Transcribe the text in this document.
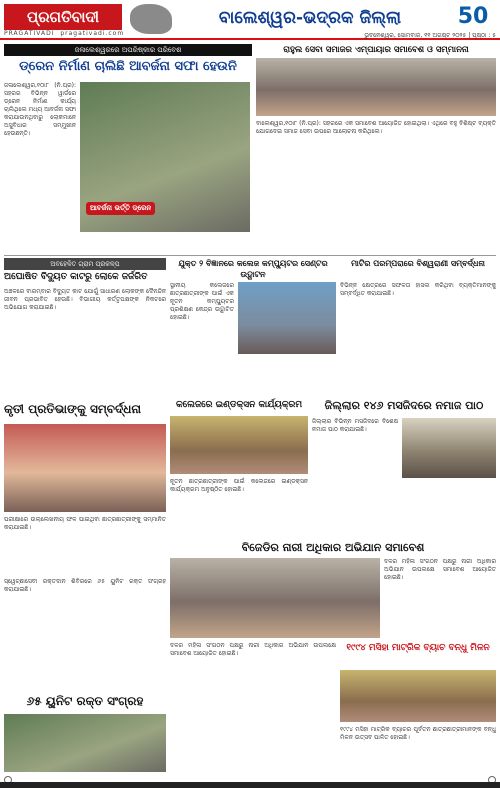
ପ୍ରଗତିବାଦୀ
PRAGATIVADI pragativadi.com
ବାଲେଶ୍ୱର-ଭଦ୍ରକ ଜିଲ୍ଲା	50
ଭୁବନେଶ୍ୱର, ସୋମବାର, ୧୧ ଅଗଷ୍ଟ ୨୦୨୫ | ପୃଷ୍ଠା : ୫
ଜଳାଲେଶ୍ୱରରେ ଅପରିଷ୍କାର ପରିବେଶ
ଡ୍ରେନ ନିର୍ମାଣ ଚାଲିଛି ଆବର୍ଜନା ସଫା ହେଉନି
ଜଳାଲେଶ୍ୱର,୧୦ା୮ (ନି.ପ୍ର): ସହରର ବିଭିନ୍ନ ୱାର୍ଡରେ ଡ୍ରେନ ନିର୍ମାଣ କାର୍ଯ୍ୟ ଚାଲିଥିଲେ ମଧ୍ୟ ଆବର୍ଜନା ସଫା କରାଯାଉନଥିବାରୁ ଲୋକମାନେ ଅସୁବିଧାର ସମ୍ମୁଖୀନ ହେଉଛନ୍ତି।
ଆବର୍ଜନା ଭର୍ତ୍ତି ଡ୍ରେନ
ରାହୁଲ ସେବା ସମାଜର ଏମ୍ପାୟାର ସମାବେଶ ଓ ସମ୍ମାନନା
ବାଲେଶ୍ୱର,୧୦ା୮ (ନି.ପ୍ର): ସହରରେ ଏକ ସମାବେଶ ଆୟୋଜିତ ହୋଇଥିଲା। ଏଥିରେ ବହୁ ବିଶିଷ୍ଟ ବ୍ୟକ୍ତି ଯୋଗଦେଇ ସମାଜ ସେବା ଉପରେ ଆଲୋଚନା କରିଥିଲେ।
ଅବହେଳିତ ଗ୍ରାମ ପ୍ରକଳ୍ପ
ଅଘୋଷିତ ବିଦ୍ୟୁତ କାଟରୁ ଲୋକେ ଜର୍ଜରିତ
ଅଞ୍ଚଳରେ ବାରମ୍ବାର ବିଦ୍ୟୁତ କାଟ ଯୋଗୁଁ ସାଧାରଣ ଲୋକଙ୍କ ଦୈନନ୍ଦିନ ଜୀବନ ପ୍ରଭାବିତ ହେଉଛି। ବିଭାଗୀୟ କର୍ତ୍ତୃପକ୍ଷଙ୍କ ନିକଟରେ ଅଭିଯୋଗ କରାଯାଇଛି।
ଯୁକ୍ତ ୨ ବିଜ୍ଞାନରେ କଲେଜ କମ୍ପ୍ୟୁଟର ସେଣ୍ଟର ଉଦ୍ଘାଟନ
ସ୍ଥାନୀୟ କଲେଜରେ ଛାତ୍ରଛାତ୍ରୀଙ୍କ ପାଇଁ ଏକ ନୂତନ କମ୍ପ୍ୟୁଟର ପ୍ରଶିକ୍ଷଣ କେନ୍ଦ୍ର ଉଦ୍ଘାଟିତ ହୋଇଛି।
ମାଟିର ପରମ୍ପରାରେ ବିଶ୍ୱରାଣୀ ସମ୍ବର୍ଦ୍ଧନା
ବିଭିନ୍ନ କ୍ଷେତ୍ରରେ ସଫଳତା ହାସଲ କରିଥିବା ବ୍ୟକ୍ତିମାନଙ୍କୁ ସମ୍ବର୍ଦ୍ଧିତ କରାଯାଇଛି।
କୃତୀ ପ୍ରତିଭାଙ୍କୁ ସମ୍ବର୍ଦ୍ଧନା
ପରୀକ୍ଷାରେ ଉଲ୍ଲେଖନୀୟ ଫଳ ପାଇଥିବା ଛାତ୍ରଛାତ୍ରୀଙ୍କୁ ସମ୍ମାନିତ କରାଯାଇଛି।
କଲେଜରେ ଇଣ୍ଡକ୍ସନ କାର୍ଯ୍ୟକ୍ରମ
ନୂତନ ଛାତ୍ରଛାତ୍ରୀଙ୍କ ପାଇଁ କଲେଜରେ ଇଣ୍ଡକ୍ସନ କାର୍ଯ୍ୟକ୍ରମ ଅନୁଷ୍ଠିତ ହୋଇଛି।
ଜିଲ୍ଲାର ୧୪୬ ମସଜିଦରେ ନମାଜ ପାଠ
ଜିଲ୍ଲାର ବିଭିନ୍ନ ମସଜିଦରେ ବିଶେଷ ନମାଜ ପାଠ କରାଯାଇଛି।
ବିଜେଡିର ନାରୀ ଅଧିକାର ଅଭିଯାନ ସମାବେଶ
ଦଳର ମହିଳା ସଂଗଠନ ପକ୍ଷରୁ ନାରୀ ଅଧିକାର ଅଭିଯାନ ଉପଲକ୍ଷେ ସମାବେଶ ଆୟୋଜିତ ହୋଇଛି।
୧୯୯୪ ମସିହା ମାଟ୍ରିକ ବ୍ୟାଚ ବନ୍ଧୁ ମିଳନ
୧୯୯୪ ମସିହା ମାଟ୍ରିକ ବ୍ୟାଚର ପୂର୍ବତନ ଛାତ୍ରଛାତ୍ରୀମାନଙ୍କ ବନ୍ଧୁ ମିଳନ ଉତ୍ସବ ପାଳିତ ହୋଇଛି।
ଦଳର ମହିଳା ସଂଗଠନ ପକ୍ଷରୁ ନାରୀ ଅଧିକାର ଅଭିଯାନ ଉପଲକ୍ଷେ ସମାବେଶ ଆୟୋଜିତ ହୋଇଛି।
ସ୍ୱେଚ୍ଛାସେବୀ ରକ୍ତଦାନ ଶିବିରରେ ୬୫ ୟୁନିଟ ରକ୍ତ ସଂଗ୍ରହ କରାଯାଇଛି।
୬୫ ୟୁନିଟ ରକ୍ତ ସଂଗ୍ରହ
